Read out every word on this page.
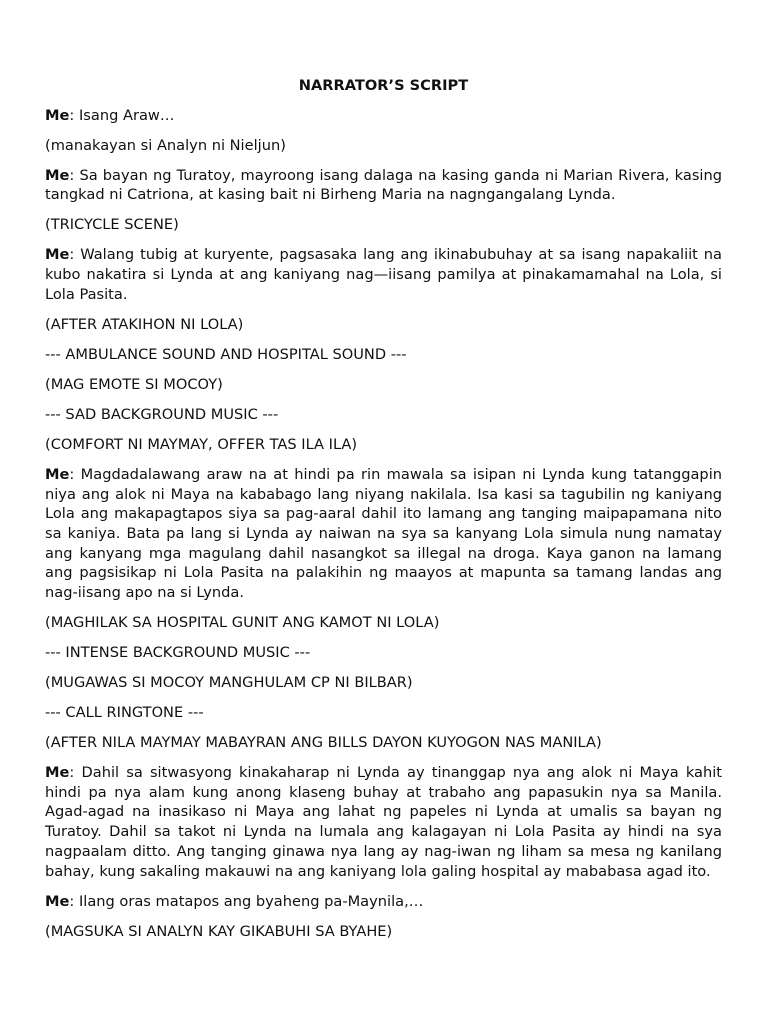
NARRATOR’S SCRIPT

Me: Isang Araw…

(manakayan si Analyn ni Nieljun)

Me: Sa bayan ng Turatoy, mayroong isang dalaga na kasing ganda ni Marian Rivera, kasing tangkad ni Catriona, at kasing bait ni Birheng Maria na nagngangalang Lynda.

(TRICYCLE SCENE)

Me: Walang tubig at kuryente, pagsasaka lang ang ikinabubuhay at sa isang napakaliit na kubo nakatira si Lynda at ang kaniyang nag—iisang pamilya at pinakamamahal na Lola, si Lola Pasita.

(AFTER ATAKIHON NI LOLA)

--- AMBULANCE SOUND AND HOSPITAL SOUND ---

(MAG EMOTE SI MOCOY)

--- SAD BACKGROUND MUSIC ---

(COMFORT NI MAYMAY, OFFER TAS ILA ILA)

Me: Magdadalawang araw na at hindi pa rin mawala sa isipan ni Lynda kung tatanggapin niya ang alok ni Maya na kababago lang niyang nakilala. Isa kasi sa tagubilin ng kaniyang Lola ang makapagtapos siya sa pag-aaral dahil ito lamang ang tanging maipapamana nito sa kaniya. Bata pa lang si Lynda ay naiwan na sya sa kanyang Lola simula nung namatay ang kanyang mga magulang dahil nasangkot sa illegal na droga. Kaya ganon na lamang ang pagsisikap ni Lola Pasita na palakihin ng maayos at mapunta sa tamang landas ang nag-iisang apo na si Lynda.

(MAGHILAK SA HOSPITAL GUNIT ANG KAMOT NI LOLA)

--- INTENSE BACKGROUND MUSIC ---

(MUGAWAS SI MOCOY MANGHULAM CP NI BILBAR)

--- CALL RINGTONE ---

(AFTER NILA MAYMAY MABAYRAN ANG BILLS DAYON KUYOGON NAS MANILA)

Me: Dahil sa sitwasyong kinakaharap ni Lynda ay tinanggap nya ang alok ni Maya kahit hindi pa nya alam kung anong klaseng buhay at trabaho ang papasukin nya sa Manila. Agad-agad na inasikaso ni Maya ang lahat ng papeles ni Lynda at umalis sa bayan ng Turatoy. Dahil sa takot ni Lynda na lumala ang kalagayan ni Lola Pasita ay hindi na sya nagpaalam ditto. Ang tanging ginawa nya lang ay nag-iwan ng liham sa mesa ng kanilang bahay, kung sakaling makauwi na ang kaniyang lola galing hospital ay mababasa agad ito.

Me: Ilang oras matapos ang byaheng pa-Maynila,…

(MAGSUKA SI ANALYN KAY GIKABUHI SA BYAHE)
